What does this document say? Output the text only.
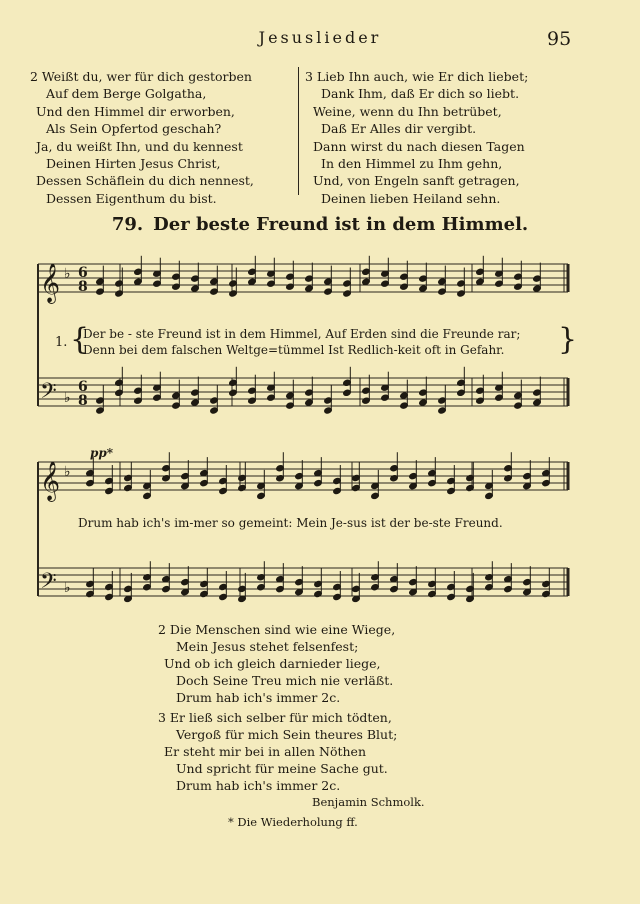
Jesuslieder	95
2 Weißt du, wer für dich gestorben
Auf dem Berge Golgatha,
Und den Himmel dir erworben,
Als Sein Opfertod geschah?
Ja, du weißt Ihn, und du kennest
Deinen Hirten Jesus Christ,
Dessen Schäflein du dich nennest,
Dessen Eigenthum du bist.
3 Lieb Ihn auch, wie Er dich liebet;
Dank Ihm, daß Er dich so liebt.
Weine, wenn du Ihn betrübet,
Daß Er Alles dir vergibt.
Dann wirst du nach diesen Tagen
In den Himmel zu Ihm gehn,
Und, von Engeln sanft getragen,
Deinen lieben Heiland sehn.
79. Der beste Freund ist in dem Himmel.
𝄞 ♭ 6
8
𝄢 ♭
6
8
𝄞 ♭
𝄢 ♭
pp*
1. {	}
Der be - ste Freund ist in dem Himmel, Auf Erden sind die Freunde rar;
Denn bei dem falschen Weltge=tümmel Ist Redlich-keit oft in Gefahr.
Drum hab ich's im-mer so gemeint: Mein Je-sus ist der be-ste Freund.
2 Die Menschen sind wie eine Wiege,
Mein Jesus stehet felsenfest;
Und ob ich gleich darnieder liege,
Doch Seine Treu mich nie verläßt.
Drum hab ich's immer 2c.
3 Er ließ sich selber für mich tödten,
Vergoß für mich Sein theures Blut;
Er steht mir bei in allen Nöthen
Und spricht für meine Sache gut.
Drum hab ich's immer 2c.
Benjamin Schmolk.
* Die Wiederholung ff.
